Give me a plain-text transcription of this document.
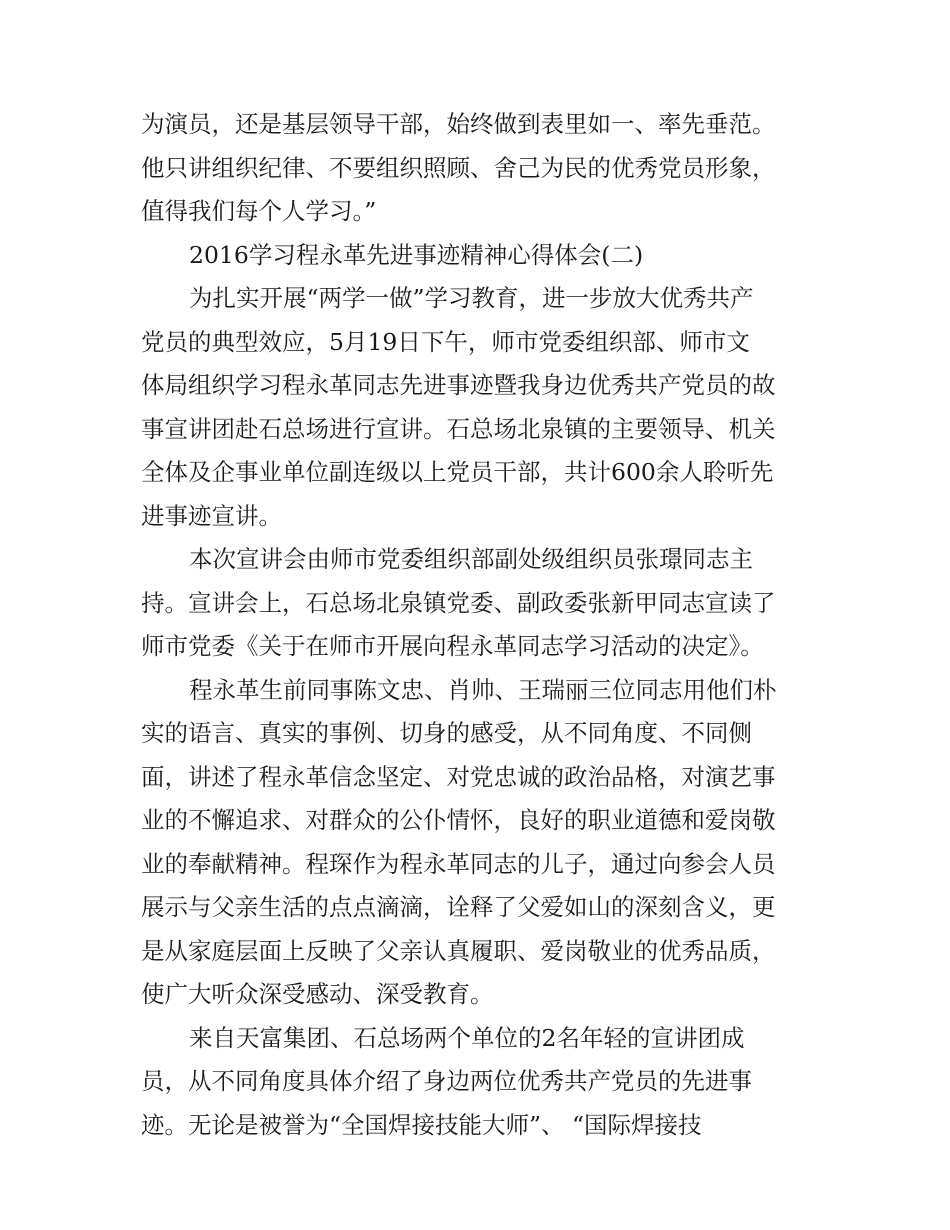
为演员，还是基层领导干部，始终做到表里如一、率先垂范。
他只讲组织纪律、不要组织照顾、舍己为民的优秀党员形象，
值得我们每个人学习。”
2016学习程永革先进事迹精神心得体会(二)
为扎实开展“两学一做”学习教育，进一步放大优秀共产
党员的典型效应，5月19日下午，师市党委组织部、师市文
体局组织学习程永革同志先进事迹暨我身边优秀共产党员的故
事宣讲团赴石总场进行宣讲。石总场北泉镇的主要领导、机关
全体及企事业单位副连级以上党员干部，共计600余人聆听先
进事迹宣讲。
本次宣讲会由师市党委组织部副处级组织员张璟同志主
持。宣讲会上，石总场北泉镇党委、副政委张新甲同志宣读了
师市党委《关于在师市开展向程永革同志学习活动的决定》。
程永革生前同事陈文忠、肖帅、王瑞丽三位同志用他们朴
实的语言、真实的事例、切身的感受，从不同角度、不同侧
面，讲述了程永革信念坚定、对党忠诚的政治品格，对演艺事
业的不懈追求、对群众的公仆情怀，良好的职业道德和爱岗敬
业的奉献精神。程琛作为程永革同志的儿子，通过向参会人员
展示与父亲生活的点点滴滴，诠释了父爱如山的深刻含义，更
是从家庭层面上反映了父亲认真履职、爱岗敬业的优秀品质，
使广大听众深受感动、深受教育。
来自天富集团、石总场两个单位的2名年轻的宣讲团成
员，从不同角度具体介绍了身边两位优秀共产党员的先进事
迹。无论是被誉为“全国焊接技能大师”、 “国际焊接技
